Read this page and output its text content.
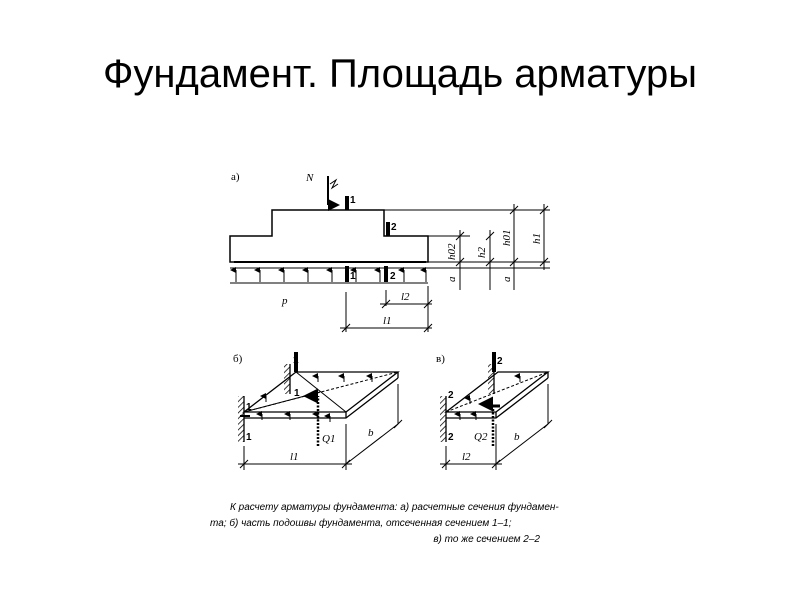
Фундамент. Площадь арматуры
а)	N
1
2
1	2
p
h02 h2
h01 h1
a	a
l2
l1
б)	1
1
1
1	Q1
l1
b
в)	2
2
2 Q2
l2
b
К расчету арматуры фундамента: а) расчетные сечения фундамен-
та; б) часть подошвы фундамента, отсеченная сечением 1–1;
в) то же сечением 2–2
